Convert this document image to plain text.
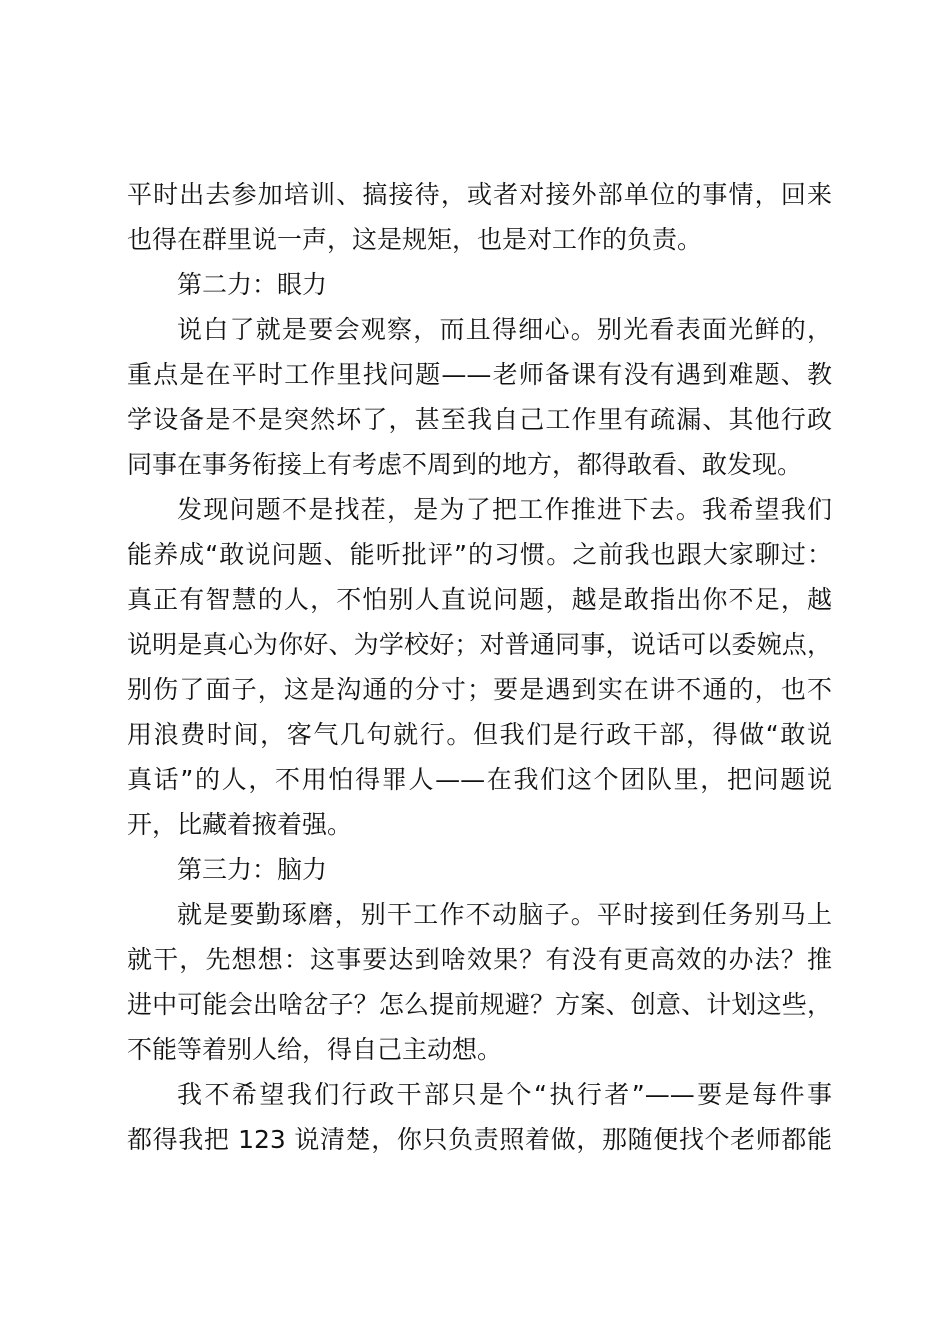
平时出去参加培训、搞接待，或者对接外部单位的事情，回来
也得在群里说一声，这是规矩，也是对工作的负责。
第二力：眼力
说白了就是要会观察，而且得细心。别光看表面光鲜的，
重点是在平时工作里找问题——老师备课有没有遇到难题、教
学设备是不是突然坏了，甚至我自己工作里有疏漏、其他行政
同事在事务衔接上有考虑不周到的地方，都得敢看、敢发现。
发现问题不是找茬，是为了把工作推进下去。我希望我们
能养成“敢说问题、能听批评”的习惯。之前我也跟大家聊过：
真正有智慧的人，不怕别人直说问题，越是敢指出你不足，越
说明是真心为你好、为学校好；对普通同事，说话可以委婉点，
别伤了面子，这是沟通的分寸；要是遇到实在讲不通的，也不
用浪费时间，客气几句就行。但我们是行政干部，得做“敢说
真话”的人，不用怕得罪人——在我们这个团队里，把问题说
开，比藏着掖着强。
第三力：脑力
就是要勤琢磨，别干工作不动脑子。平时接到任务别马上
就干，先想想：这事要达到啥效果？有没有更高效的办法？推
进中可能会出啥岔子？怎么提前规避？方案、创意、计划这些，
不能等着别人给，得自己主动想。
我不希望我们行政干部只是个“执行者”——要是每件事
都得我把 123 说清楚，你只负责照着做，那随便找个老师都能
